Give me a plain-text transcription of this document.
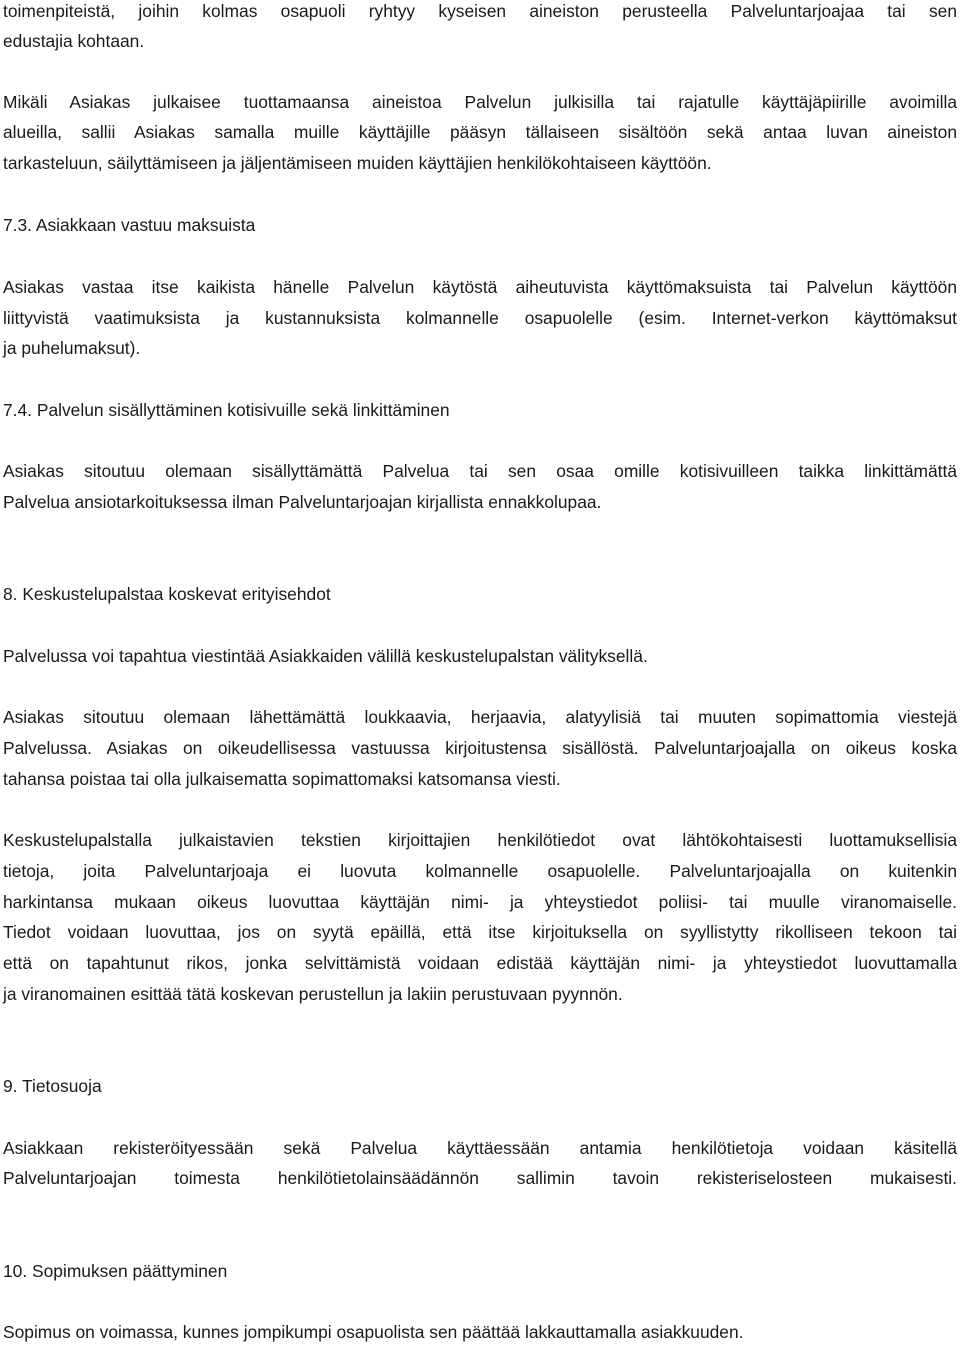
toimenpiteistä, joihin kolmas osapuoli ryhtyy kyseisen aineiston perusteella Palveluntarjoajaa tai sen
edustajia kohtaan.
Mikäli Asiakas julkaisee tuottamaansa aineistoa Palvelun julkisilla tai rajatulle käyttäjäpiirille avoimilla
alueilla, sallii Asiakas samalla muille käyttäjille pääsyn tällaiseen sisältöön sekä antaa luvan aineiston
tarkasteluun, säilyttämiseen ja jäljentämiseen muiden käyttäjien henkilökohtaiseen käyttöön.
7.3. Asiakkaan vastuu maksuista
Asiakas vastaa itse kaikista hänelle Palvelun käytöstä aiheutuvista käyttömaksuista tai Palvelun käyttöön
liittyvistä vaatimuksista ja kustannuksista kolmannelle osapuolelle (esim. Internet-verkon käyttömaksut
ja puhelumaksut).
7.4. Palvelun sisällyttäminen kotisivuille sekä linkittäminen
Asiakas sitoutuu olemaan sisällyttämättä Palvelua tai sen osaa omille kotisivuilleen taikka linkittämättä
Palvelua ansiotarkoituksessa ilman Palveluntarjoajan kirjallista ennakkolupaa.
8. Keskustelupalstaa koskevat erityisehdot
Palvelussa voi tapahtua viestintää Asiakkaiden välillä keskustelupalstan välityksellä.
Asiakas sitoutuu olemaan lähettämättä loukkaavia, herjaavia, alatyylisiä tai muuten sopimattomia viestejä
Palvelussa. Asiakas on oikeudellisessa vastuussa kirjoitustensa sisällöstä. Palveluntarjoajalla on oikeus koska
tahansa poistaa tai olla julkaisematta sopimattomaksi katsomansa viesti.
Keskustelupalstalla julkaistavien tekstien kirjoittajien henkilötiedot ovat lähtökohtaisesti luottamuksellisia
tietoja, joita Palveluntarjoaja ei luovuta kolmannelle osapuolelle. Palveluntarjoajalla on kuitenkin
harkintansa mukaan oikeus luovuttaa käyttäjän nimi- ja yhteystiedot poliisi- tai muulle viranomaiselle.
Tiedot voidaan luovuttaa, jos on syytä epäillä, että itse kirjoituksella on syyllistytty rikolliseen tekoon tai
että on tapahtunut rikos, jonka selvittämistä voidaan edistää käyttäjän nimi- ja yhteystiedot luovuttamalla
ja viranomainen esittää tätä koskevan perustellun ja lakiin perustuvaan pyynnön.
9. Tietosuoja
Asiakkaan rekisteröityessään sekä Palvelua käyttäessään antamia henkilötietoja voidaan käsitellä
Palveluntarjoajan toimesta henkilötietolainsäädännön sallimin tavoin rekisteriselosteen mukaisesti.
10. Sopimuksen päättyminen
Sopimus on voimassa, kunnes jompikumpi osapuolista sen päättää lakkauttamalla asiakkuuden.
